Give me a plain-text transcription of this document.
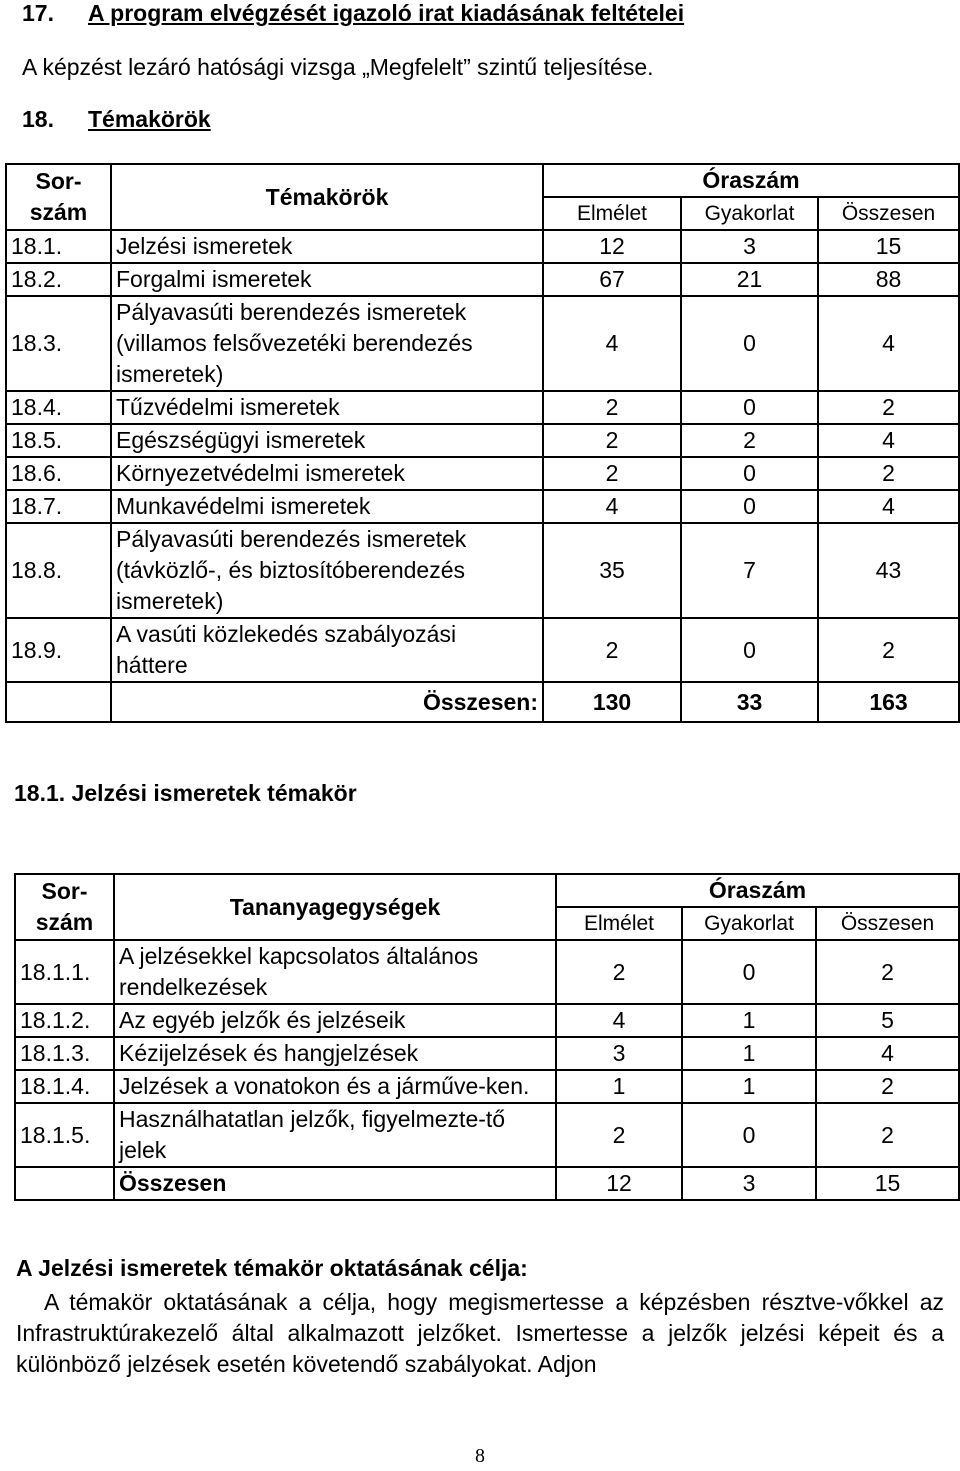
17. A program elvégzését igazoló irat kiadásának feltételei
A képzést lezáró hatósági vizsga „Megfelelt” szintű teljesítése.
18. Témakörök
Sor-
szám	Témakörök	Óraszám		
		Elmélet	Gyakorlat	Összesen
18.1.	Jelzési ismeretek	12	3	15
18.2.	Forgalmi ismeretek	67	21	88
18.3.	Pályavasúti berendezés ismeretek (villamos felsővezetéki berendezés ismeretek)	4	0	4
18.4.	Tűzvédelmi ismeretek	2	0	2
18.5.	Egészségügyi ismeretek	2	2	4
18.6.	Környezetvédelmi ismeretek	2	0	2
18.7.	Munkavédelmi ismeretek	4	0	4
18.8.	Pályavasúti berendezés ismeretek (távközlő-, és biztosítóberendezés ismeretek)	35	7	43
18.9.	A vasúti közlekedés szabályozási háttere	2	0	2
	Összesen:	130	33	163
18.1. Jelzési ismeretek témakör
Sor-
szám	Tananyagegységek	Óraszám		
		Elmélet	Gyakorlat	Összesen
18.1.1.	A jelzésekkel kapcsolatos általános rendelkezések	2	0	2
18.1.2.	Az egyéb jelzők és jelzéseik	4	1	5
18.1.3.	Kézijelzések és hangjelzések	3	1	4
18.1.4.	Jelzések a vonatokon és a járműve-ken.	1	1	2
18.1.5.	Használhatatlan jelzők, figyelmezte-tő jelek	2	0	2
	Összesen	12	3	15
A Jelzési ismeretek témakör oktatásának célja:
A témakör oktatásának a célja, hogy megismertesse a képzésben résztve-vőkkel az Infrastruktúrakezelő által alkalmazott jelzőket. Ismertesse a jelzők jelzési képeit és a különböző jelzések esetén követendő szabályokat. Adjon
8
